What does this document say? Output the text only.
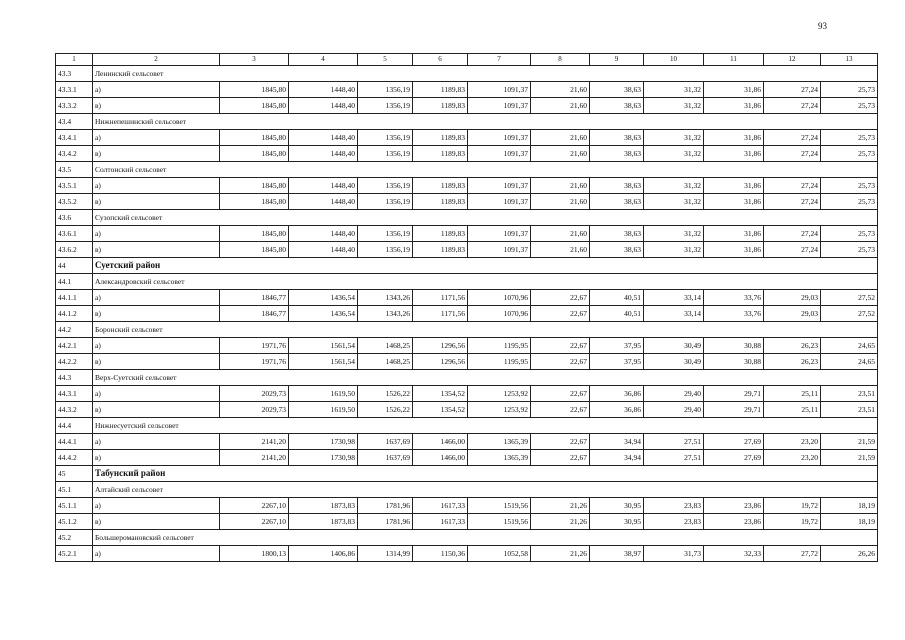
93
1	2	3	4	5	6	7	8	9	10	11	12	13
43.3	Ленинский сельсовет											
43.3.1	а)	1845,80	1448,40	1356,19	1189,83	1091,37	21,60	38,63	31,32	31,86	27,24	25,73
43.3.2	в)	1845,80	1448,40	1356,19	1189,83	1091,37	21,60	38,63	31,32	31,86	27,24	25,73
43.4	Нижнепешинский сельсовет											
43.4.1	а)	1845,80	1448,40	1356,19	1189,83	1091,37	21,60	38,63	31,32	31,86	27,24	25,73
43.4.2	в)	1845,80	1448,40	1356,19	1189,83	1091,37	21,60	38,63	31,32	31,86	27,24	25,73
43.5	Солтонский сельсовет											
43.5.1	а)	1845,80	1448,40	1356,19	1189,83	1091,37	21,60	38,63	31,32	31,86	27,24	25,73
43.5.2	в)	1845,80	1448,40	1356,19	1189,83	1091,37	21,60	38,63	31,32	31,86	27,24	25,73
43.6	Сузопский сельсовет											
43.6.1	а)	1845,80	1448,40	1356,19	1189,83	1091,37	21,60	38,63	31,32	31,86	27,24	25,73
43.6.2	в)	1845,80	1448,40	1356,19	1189,83	1091,37	21,60	38,63	31,32	31,86	27,24	25,73
44	Суетский район											
44.1	Александровский сельсовет											
44.1.1	а)	1846,77	1436,54	1343,26	1171,56	1070,96	22,67	40,51	33,14	33,76	29,03	27,52
44.1.2	в)	1846,77	1436,54	1343,26	1171,56	1070,96	22,67	40,51	33,14	33,76	29,03	27,52
44.2	Боронский сельсовет											
44.2.1	а)	1971,76	1561,54	1468,25	1296,56	1195,95	22,67	37,95	30,49	30,88	26,23	24,65
44.2.2	в)	1971,76	1561,54	1468,25	1296,56	1195,95	22,67	37,95	30,49	30,88	26,23	24,65
44.3	Верх-Суетский сельсовет											
44.3.1	а)	2029,73	1619,50	1526,22	1354,52	1253,92	22,67	36,86	29,40	29,71	25,11	23,51
44.3.2	в)	2029,73	1619,50	1526,22	1354,52	1253,92	22,67	36,86	29,40	29,71	25,11	23,51
44.4	Нижнесуетский сельсовет											
44.4.1	а)	2141,20	1730,98	1637,69	1466,00	1365,39	22,67	34,94	27,51	27,69	23,20	21,59
44.4.2	в)	2141,20	1730,98	1637,69	1466,00	1365,39	22,67	34,94	27,51	27,69	23,20	21,59
45	Табунский район											
45.1	Алтайский сельсовет											
45.1.1	а)	2267,10	1873,83	1781,96	1617,33	1519,56	21,26	30,95	23,83	23,86	19,72	18,19
45.1.2	в)	2267,10	1873,83	1781,96	1617,33	1519,56	21,26	30,95	23,83	23,86	19,72	18,19
45.2	Большеромановский сельсовет											
45.2.1	а)	1800,13	1406,86	1314,99	1150,36	1052,58	21,26	38,97	31,73	32,33	27,72	26,26
